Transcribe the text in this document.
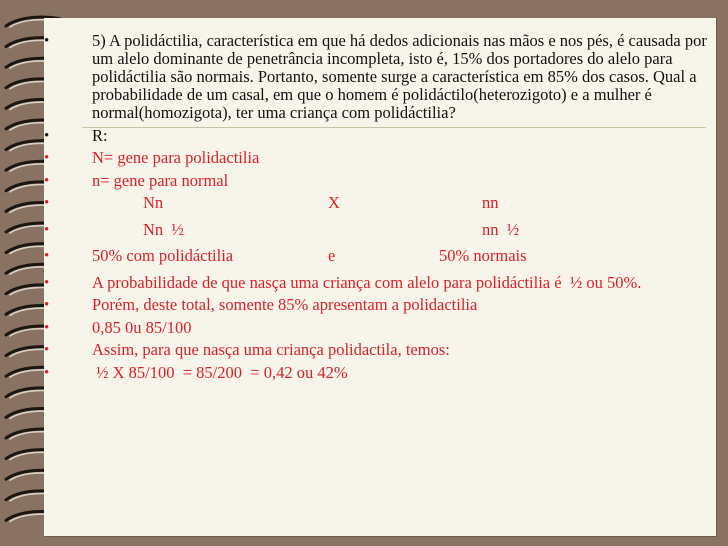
•	5) A polidáctilia, característica em que há dedos adicionais nas mãos e nos pés, é causada por um alelo dominante de penetrância incompleta, isto é, 15% dos portadores do alelo para polidáctilia são normais. Portanto, somente surge a característica em 85% dos casos. Qual a probabilidade de um casal, em que o homem é polidáctilo(heterozigoto) e a mulher é normal(homozigota), ter uma criança com polidáctilia?
•	R:
•	N= gene para polidactilia
•	n= gene para normal
•	Nn	X	nn
•	Nn  ½	nn  ½
•	50% com polidáctilia	e	50% normais
•	A probabilidade de que nasça uma criança com alelo para polidáctilia é  ½ ou 50%.
•	Porém, deste total, somente 85% apresentam a polidactilia
•	0,85 0u 85/100
•	Assim, para que nasça uma criança polidactila, temos:
•	½ X 85/100  = 85/200  = 0,42 ou 42%
